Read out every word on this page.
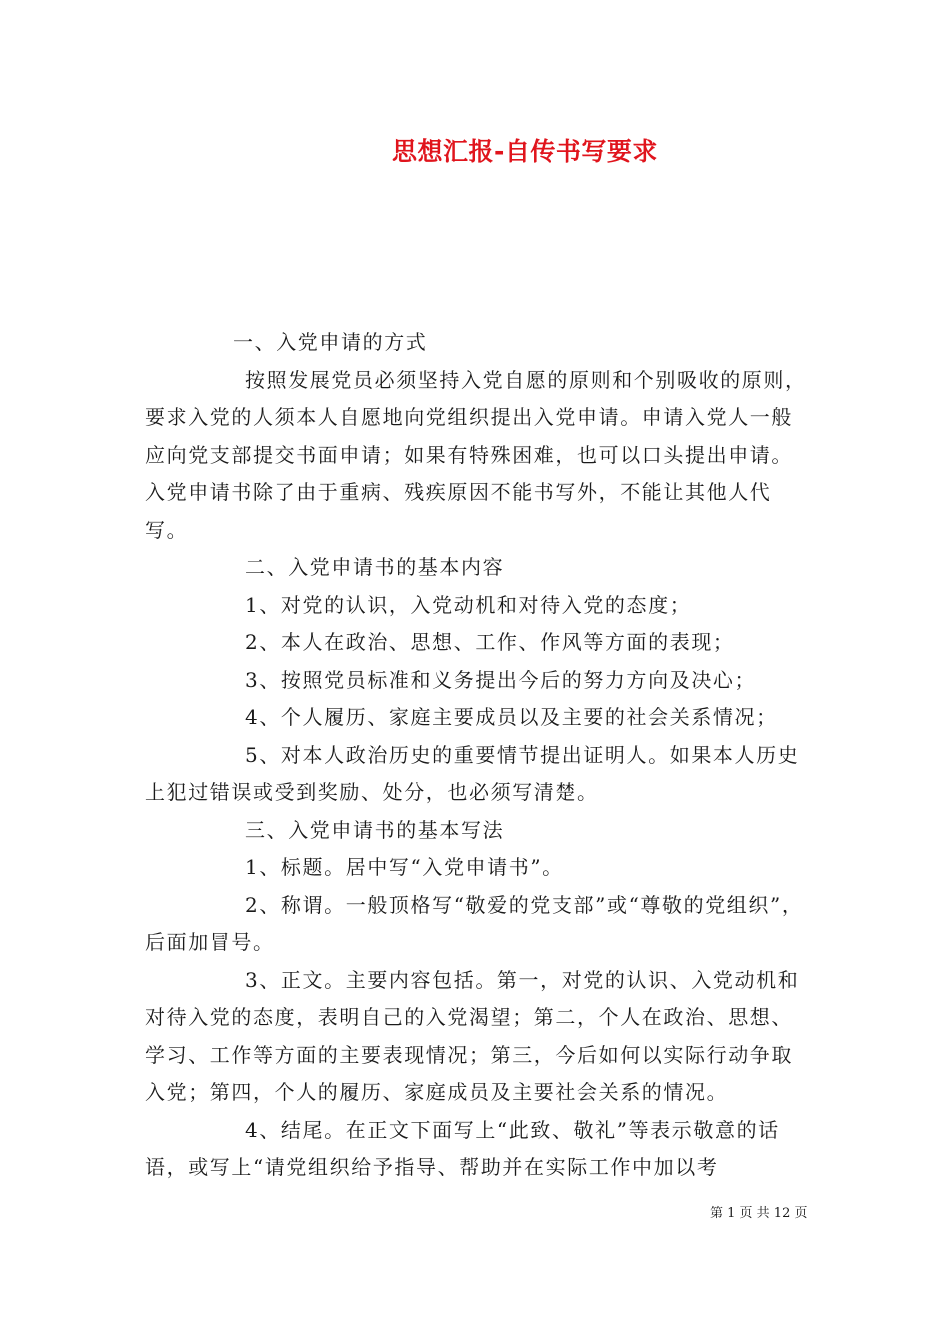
思想汇报-自传书写要求

一、入党申请的方式

按照发展党员必须坚持入党自愿的原则和个别吸收的原则，要求入党的人须本人自愿地向党组织提出入党申请。申请入党人一般应向党支部提交书面申请；如果有特殊困难，也可以口头提出申请。入党申请书除了由于重病、残疾原因不能书写外，不能让其他人代写。

二、入党申请书的基本内容

1、对党的认识，入党动机和对待入党的态度；

2、本人在政治、思想、工作、作风等方面的表现；

3、按照党员标准和义务提出今后的努力方向及决心；

4、个人履历、家庭主要成员以及主要的社会关系情况；

5、对本人政治历史的重要情节提出证明人。如果本人历史上犯过错误或受到奖励、处分，也必须写清楚。

三、入党申请书的基本写法

1、标题。居中写“入党申请书”。

2、称谓。一般顶格写“敬爱的党支部”或“尊敬的党组织”，后面加冒号。

3、正文。主要内容包括。第一，对党的认识、入党动机和对待入党的态度，表明自己的入党渴望；第二，个人在政治、思想、学习、工作等方面的主要表现情况；第三，今后如何以实际行动争取入党；第四，个人的履历、家庭成员及主要社会关系的情况。

4、结尾。在正文下面写上“此致、敬礼”等表示敬意的话语，或写上“请党组织给予指导、帮助并在实际工作中加以考

第 1 页 共 12 页
